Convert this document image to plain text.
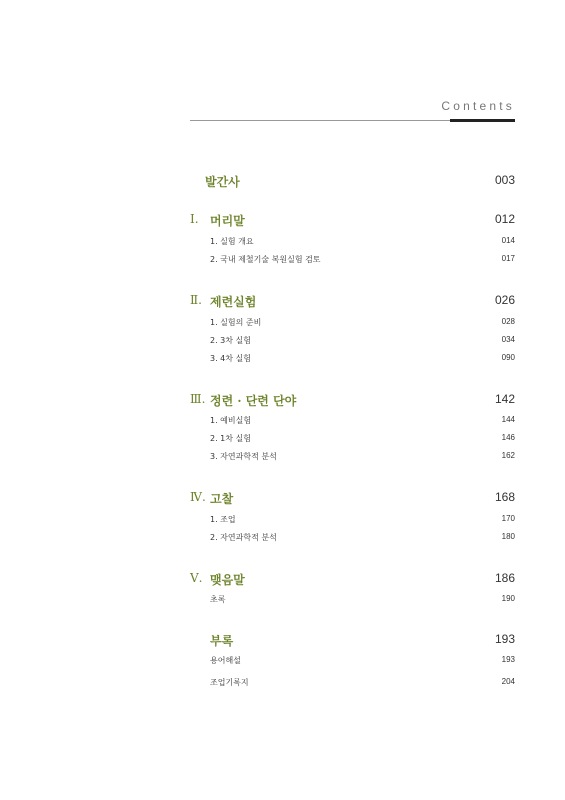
Contents
발간사	003
Ⅰ. 머리말	012
1. 실험 개요	014
2. 국내 제철기술 복원실험 검토	017
Ⅱ. 제련실험	026
1. 실험의 준비	028
2. 3차 실험	034
3. 4차 실험	090
Ⅲ. 정련 · 단련 단야	142
1. 예비실험	144
2. 1차 실험	146
3. 자연과학적 분석	162
Ⅳ. 고찰	168
1. 조업	170
2. 자연과학적 분석	180
Ⅴ. 맺음말	186
초록	190
부록	193
용어해설	193
조업기록지	204
